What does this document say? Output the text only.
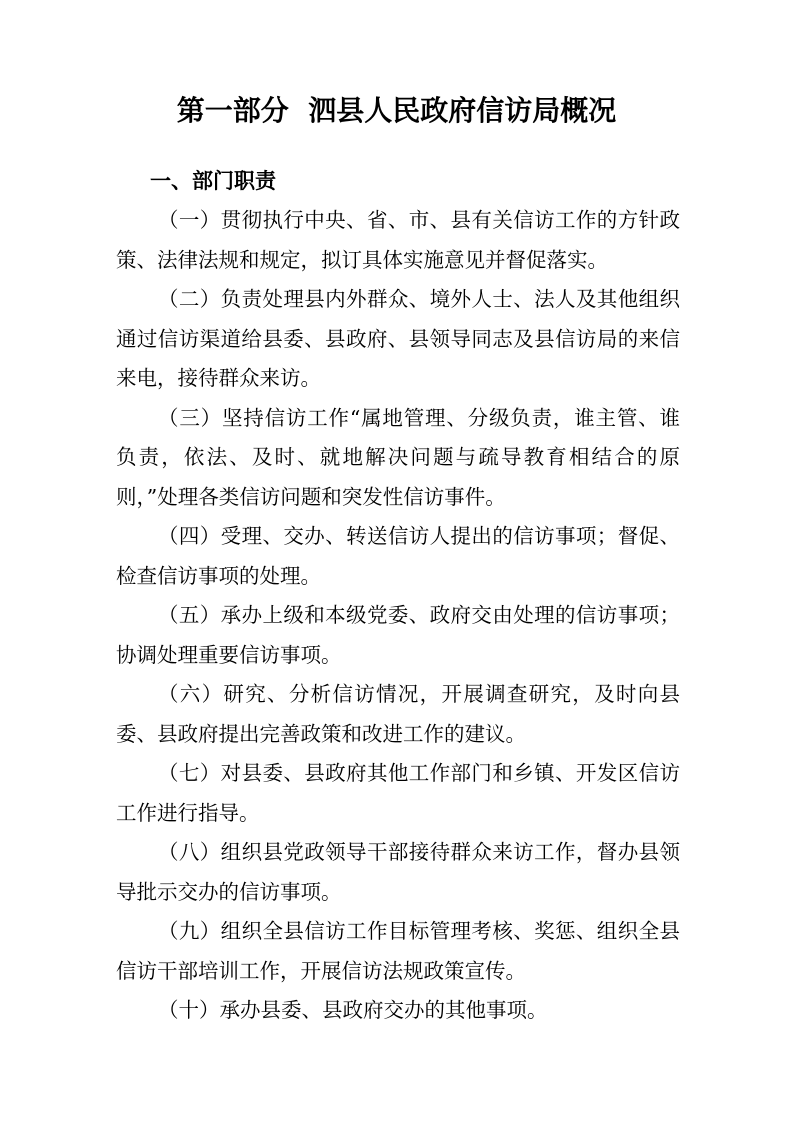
第一部分  泗县人民政府信访局概况
一、部门职责

（一）贯彻执行中央、省、市、县有关信访工作的方针政策、法律法规和规定，拟订具体实施意见并督促落实。

（二）负责处理县内外群众、境外人士、法人及其他组织通过信访渠道给县委、县政府、县领导同志及县信访局的来信来电，接待群众来访。

（三）坚持信访工作“属地管理、分级负责，谁主管、谁负责，依法、及时、就地解决问题与疏导教育相结合的原则，”处理各类信访问题和突发性信访事件。

（四）受理、交办、转送信访人提出的信访事项；督促、检查信访事项的处理。

（五）承办上级和本级党委、政府交由处理的信访事项；协调处理重要信访事项。

（六）研究、分析信访情况，开展调查研究，及时向县委、县政府提出完善政策和改进工作的建议。

（七）对县委、县政府其他工作部门和乡镇、开发区信访工作进行指导。

（八）组织县党政领导干部接待群众来访工作，督办县领导批示交办的信访事项。

（九）组织全县信访工作目标管理考核、奖惩、组织全县信访干部培训工作，开展信访法规政策宣传。

（十）承办县委、县政府交办的其他事项。
